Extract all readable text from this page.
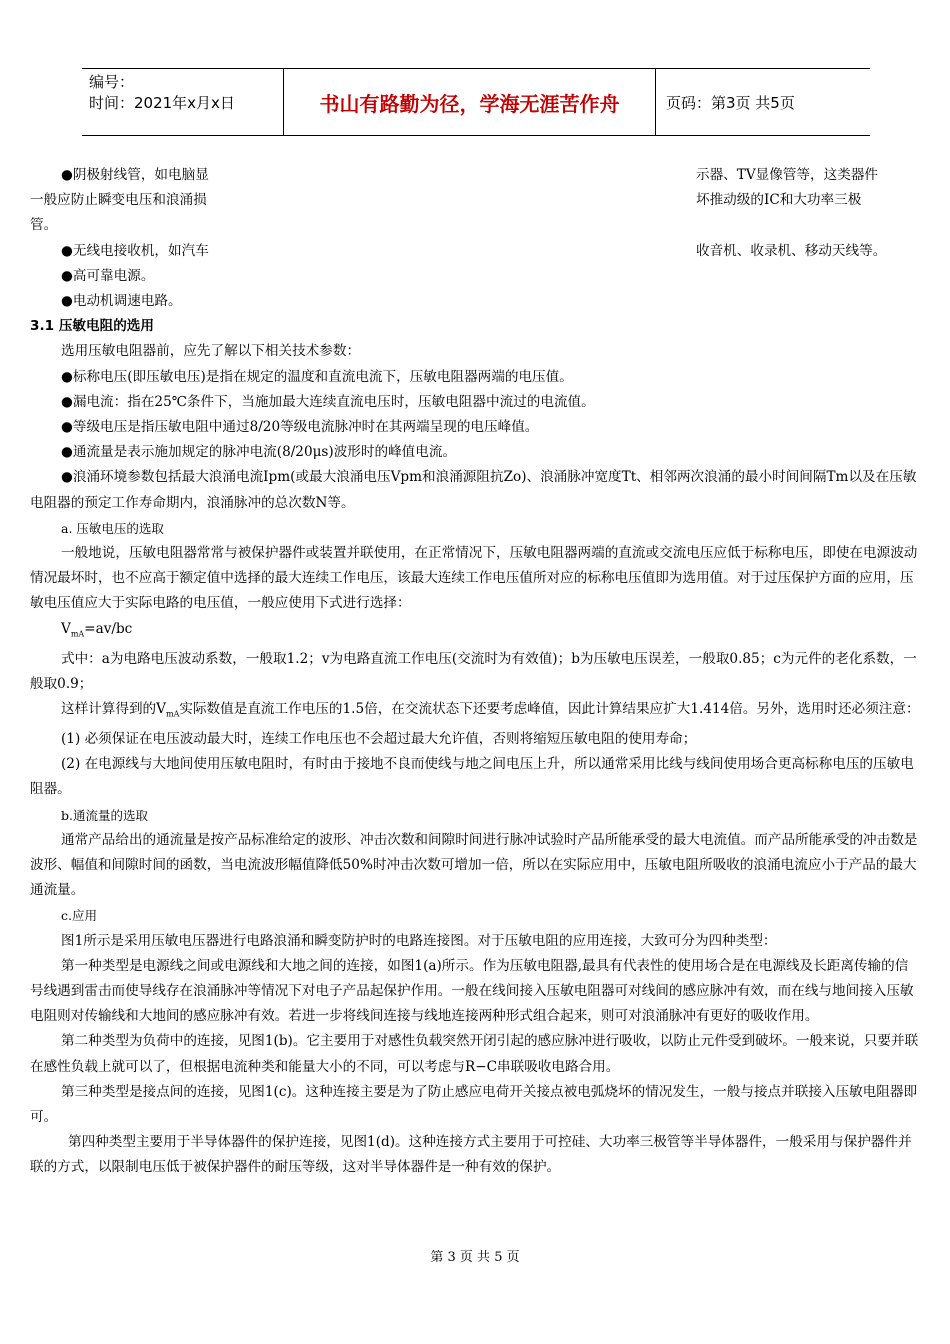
编号：
时间：2021年x月x日	书山有路勤为径，学海无涯苦作舟	页码：第3页 共5页
●阴极射线管，如电脑显	示器、TV显像管等，这类器件
一般应防止瞬变电压和浪涌损	坏推动级的IC和大功率三极

管。

●无线电接收机，如汽车	收音机、收录机、移动天线等。

●高可靠电源。

●电动机调速电路。

3.1 压敏电阻的选用

选用压敏电阻器前，应先了解以下相关技术参数：

●标称电压(即压敏电压)是指在规定的温度和直流电流下，压敏电阻器两端的电压值。

●漏电流：指在25℃条件下，当施加最大连续直流电压时，压敏电阻器中流过的电流值。

●等级电压是指压敏电阻中通过8/20等级电流脉冲时在其两端呈现的电压峰值。

●通流量是表示施加规定的脉冲电流(8/20μs)波形时的峰值电流。

●浪涌环境参数包括最大浪涌电流Ipm(或最大浪涌电压Vpm和浪涌源阻抗Zo)、浪涌脉冲宽度Tt、相邻两次浪涌的最小时间间隔Tm以及在压敏电阻器的预定工作寿命期内，浪涌脉冲的总次数N等。

a. 压敏电压的选取

一般地说，压敏电阻器常常与被保护器件或装置并联使用，在正常情况下，压敏电阻器两端的直流或交流电压应低于标称电压，即使在电源波动情况最坏时，也不应高于额定值中选择的最大连续工作电压，该最大连续工作电压值所对应的标称电压值即为选用值。对于过压保护方面的应用，压敏电压值应大于实际电路的电压值，一般应使用下式进行选择：

$V_{mA}=av/bc$

式中：a为电路电压波动系数，一般取1.2；v为电路直流工作电压(交流时为有效值)；b为压敏电压误差，一般取0.85；c为元件的老化系数，一般取0.9；

这样计算得到的$V_{mA}$实际数值是直流工作电压的1.5倍，在交流状态下还要考虑峰值，因此计算结果应扩大1.414倍。另外，选用时还必须注意：

(1) 必须保证在电压波动最大时，连续工作电压也不会超过最大允许值，否则将缩短压敏电阻的使用寿命；

(2) 在电源线与大地间使用压敏电阻时，有时由于接地不良而使线与地之间电压上升，所以通常采用比线与线间使用场合更高标称电压的压敏电阻器。

b.通流量的选取

通常产品给出的通流量是按产品标准给定的波形、冲击次数和间隙时间进行脉冲试验时产品所能承受的最大电流值。而产品所能承受的冲击数是波形、幅值和间隙时间的函数，当电流波形幅值降低50%时冲击次数可增加一倍，所以在实际应用中，压敏电阻所吸收的浪涌电流应小于产品的最大通流量。

c.应用

图1所示是采用压敏电压器进行电路浪涌和瞬变防护时的电路连接图。对于压敏电阻的应用连接，大致可分为四种类型：

第一种类型是电源线之间或电源线和大地之间的连接，如图1(a)所示。作为压敏电阻器,最具有代表性的使用场合是在电源线及长距离传输的信号线遇到雷击而使导线存在浪涌脉冲等情况下对电子产品起保护作用。一般在线间接入压敏电阻器可对线间的感应脉冲有效，而在线与地间接入压敏电阻则对传输线和大地间的感应脉冲有效。若进一步将线间连接与线地连接两种形式组合起来，则可对浪涌脉冲有更好的吸收作用。

第二种类型为负荷中的连接，见图1(b)。它主要用于对感性负载突然开闭引起的感应脉冲进行吸收，以防止元件受到破坏。一般来说，只要并联在感性负载上就可以了，但根据电流种类和能量大小的不同，可以考虑与R−C串联吸收电路合用。

第三种类型是接点间的连接，见图1(c)。这种连接主要是为了防止感应电荷开关接点被电弧烧坏的情况发生，一般与接点并联接入压敏电阻器即可。

第四种类型主要用于半导体器件的保护连接，见图1(d)。这种连接方式主要用于可控硅、大功率三极管等半导体器件，一般采用与保护器件并联的方式，以限制电压低于被保护器件的耐压等级，这对半导体器件是一种有效的保护。

第 3 页 共 5 页
